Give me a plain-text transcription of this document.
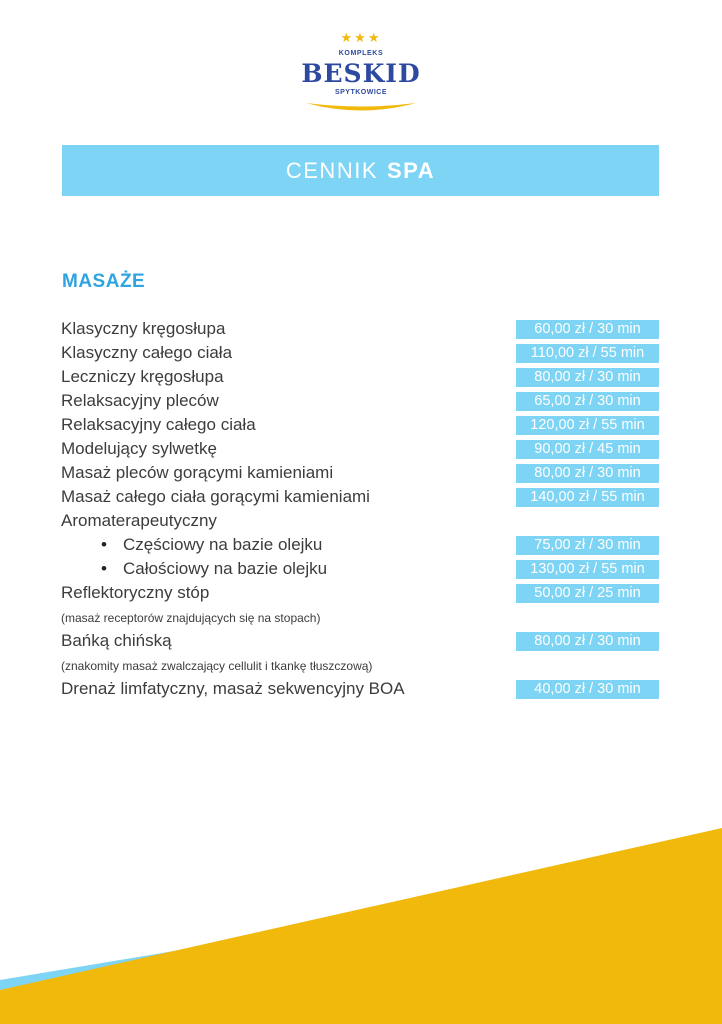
★★★
KOMPLEKS
BESKID
SPYTKOWICE
CENNIK SPA
MASAŻE
Klasyczny kręgosłupa	60,00 zł / 30 min
Klasyczny całego ciała	110,00 zł / 55 min
Leczniczy kręgosłupa	80,00 zł / 30 min
Relaksacyjny pleców	65,00 zł / 30 min
Relaksacyjny całego ciała	120,00 zł / 55 min
Modelujący sylwetkę	90,00 zł / 45 min
Masaż pleców gorącymi kamieniami	80,00 zł / 30 min
Masaż całego ciała gorącymi kamieniami	140,00 zł / 55 min
Aromaterapeutyczny
• Częściowy na bazie olejku	75,00 zł / 30 min
• Całościowy na bazie olejku	130,00 zł / 55 min
Reflektoryczny stóp	50,00 zł / 25 min
(masaż receptorów znajdujących się na stopach)
Bańką chińską	80,00 zł / 30 min
(znakomity masaż zwalczający cellulit i tkankę tłuszczową)
Drenaż limfatyczny, masaż sekwencyjny BOA	40,00 zł / 30 min
